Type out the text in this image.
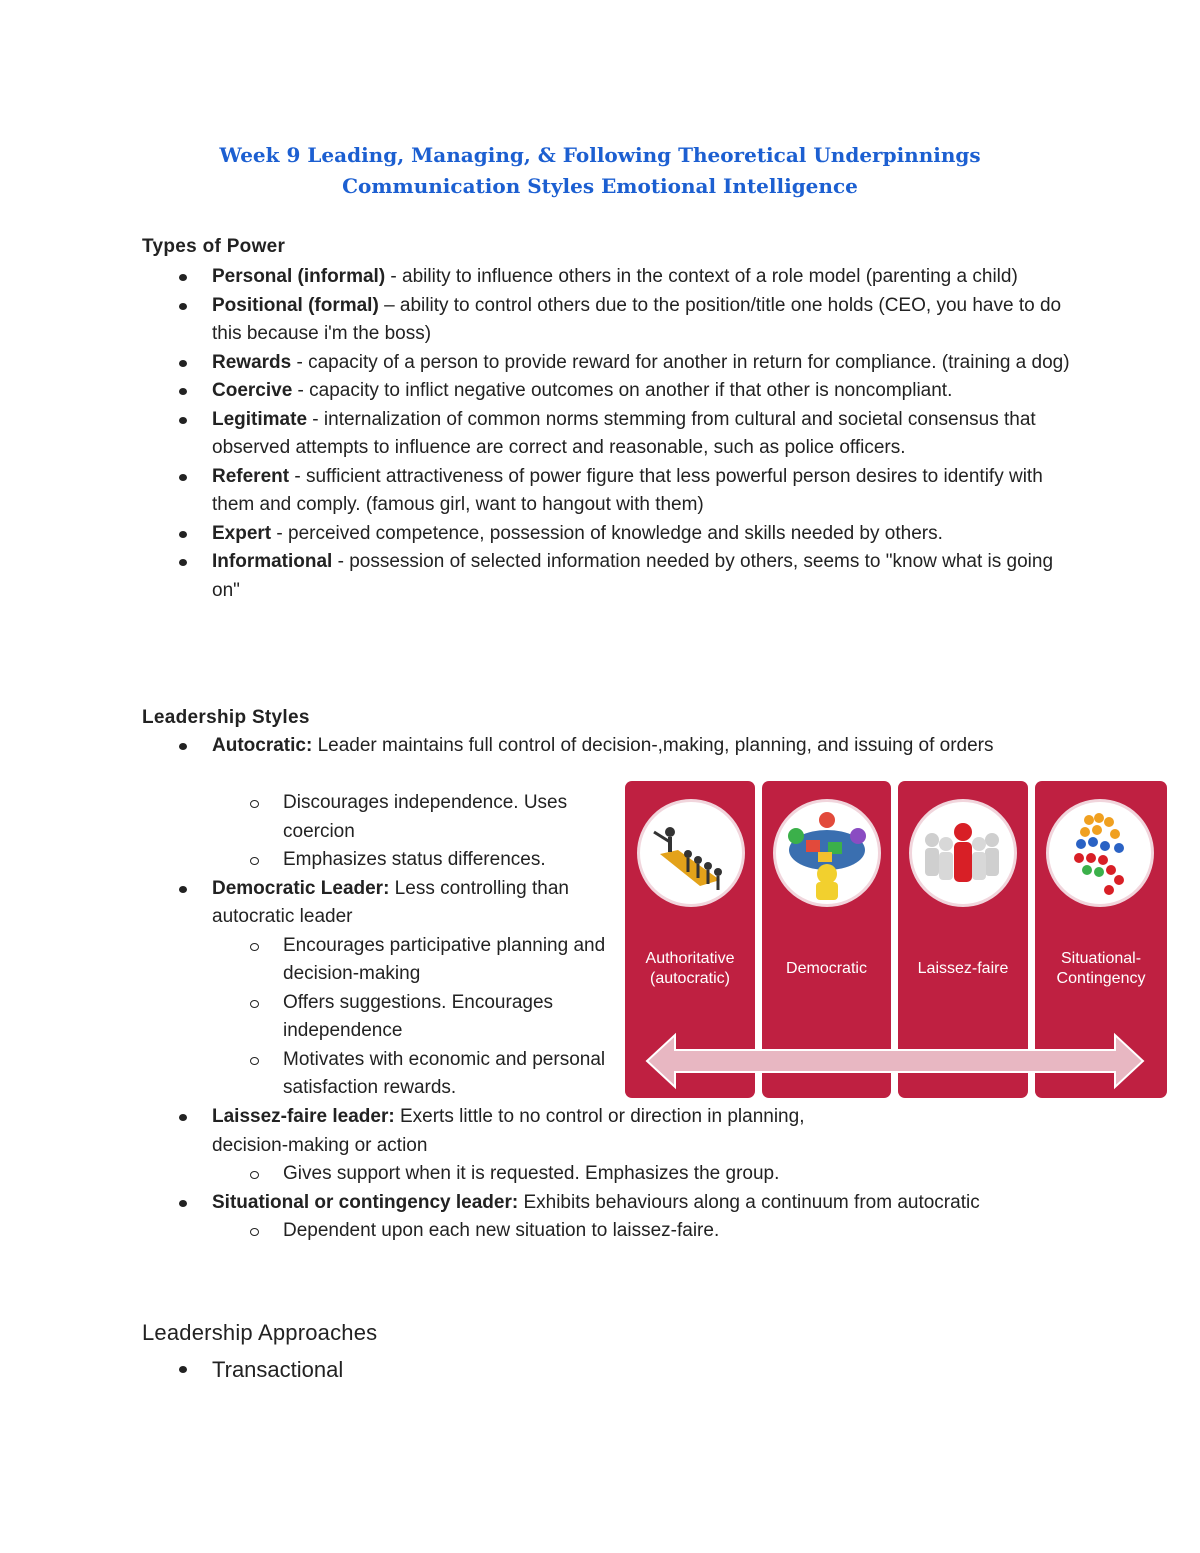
Week 9 Leading, Managing, & Following Theoretical Underpinnings Communication Styles Emotional Intelligence
Types of Power
Personal (informal) - ability to influence others in the context of a role model (parenting a child)
Positional (formal) – ability to control others due to the position/title one holds (CEO, you have to do this because i'm the boss)
Rewards - capacity of a person to provide reward for another in return for compliance. (training a dog)
Coercive - capacity to inflict negative outcomes on another if that other is noncompliant.
Legitimate - internalization of common norms stemming from cultural and societal consensus that observed attempts to influence are correct and reasonable, such as police officers.
Referent - sufficient attractiveness of power figure that less powerful person desires to identify with them and comply. (famous girl, want to hangout with them)
Expert - perceived competence, possession of knowledge and skills needed by others.
Informational - possession of selected information needed by others, seems to "know what is going on"
Leadership Styles
Autocratic: Leader maintains full control of decision-,making, planning, and issuing of orders
Discourages independence. Uses coercion
Emphasizes status differences.
Democratic Leader: Less controlling than autocratic leader
Encourages participative planning and decision-making
Offers suggestions. Encourages independence
Motivates with economic and personal satisfaction rewards.
Laissez-faire leader: Exerts little to no control or direction in planning, decision-making or action
Gives support when it is requested. Emphasizes the group.
Situational or contingency leader: Exhibits behaviours along a continuum from autocratic
Dependent upon each new situation to laissez-faire.
Leadership Approaches
Transactional
Authoritative
(autocratic)
Democratic	Laissez-faire
Situational-
Contingency
